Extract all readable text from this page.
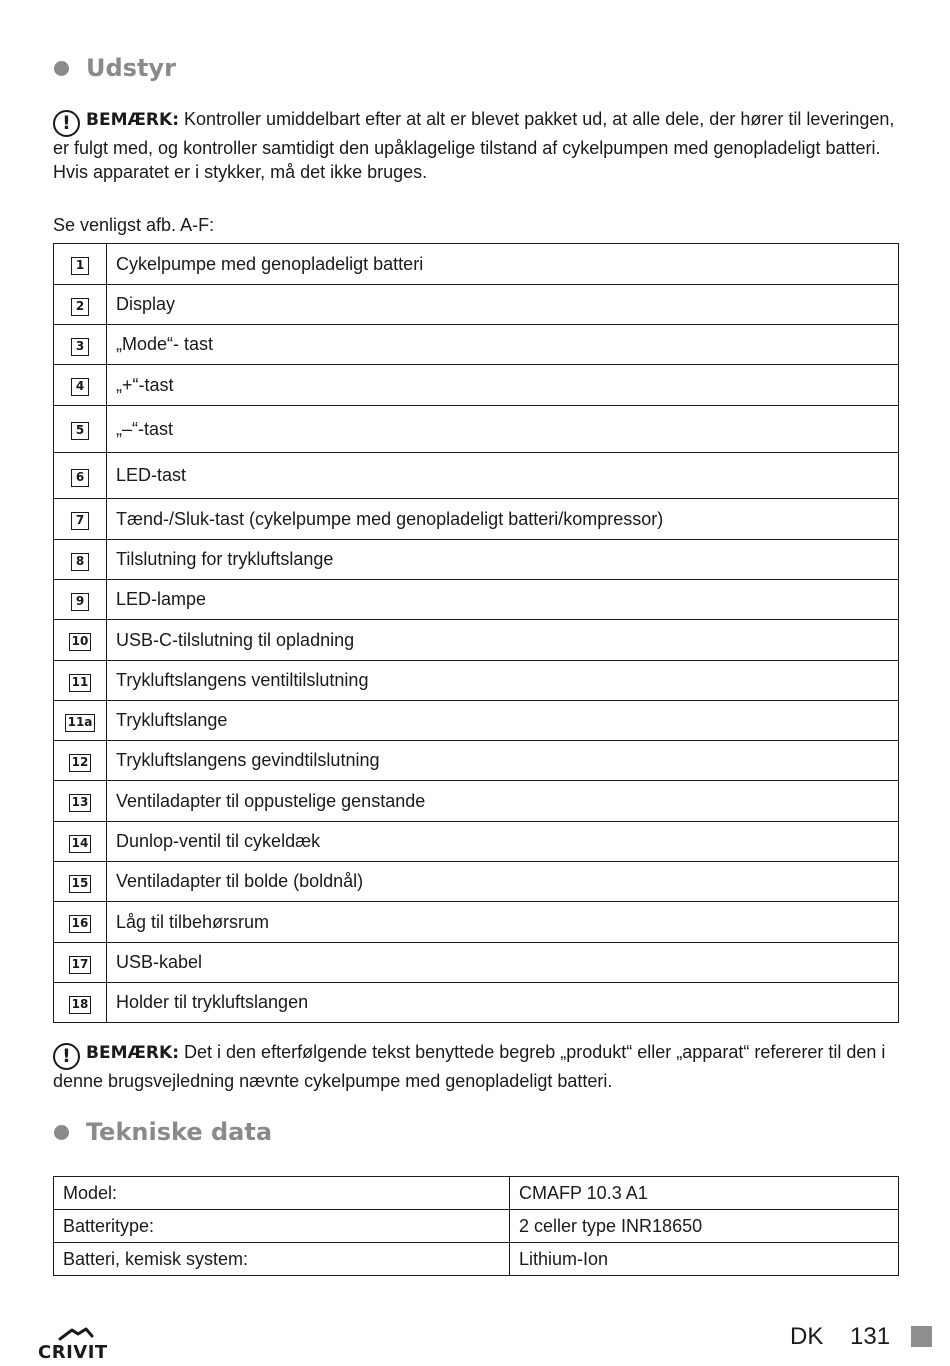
Udstyr
! BEMÆRK: Kontroller umiddelbart efter at alt er blevet pakket ud, at alle dele, der hører til leveringen, er fulgt med, og kontroller samtidigt den upåklagelige tilstand af cykelpumpen med genopladeligt batteri. Hvis apparatet er i stykker, må det ikke bruges.
Se venligst afb. A-F:
1	Cykelpumpe med genopladeligt batteri
2	Display
3	„Mode“- tast
4	„+“-tast
5	„–“-tast
6	LED-tast
7	Tænd-/Sluk-tast (cykelpumpe med genopladeligt batteri/kompressor)
8	Tilslutning for trykluftslange
9	LED-lampe
10	USB-C-tilslutning til opladning
11	Trykluftslangens ventiltilslutning
11a	Trykluftslange
12	Trykluftslangens gevindtilslutning
13	Ventiladapter til oppustelige genstande
14	Dunlop-ventil til cykeldæk
15	Ventiladapter til bolde (boldnål)
16	Låg til tilbehørsrum
17	USB-kabel
18	Holder til trykluftslangen
! BEMÆRK: Det i den efterfølgende tekst benyttede begreb „produkt“ eller „apparat“ refererer til den i denne brugsvejledning nævnte cykelpumpe med genopladeligt batteri.
Tekniske data
Model:	CMAFP 10.3 A1
Batteritype:	2 celler type INR18650
Batteri, kemisk system:	Lithium-Ion
CRIVIT
DK 131
